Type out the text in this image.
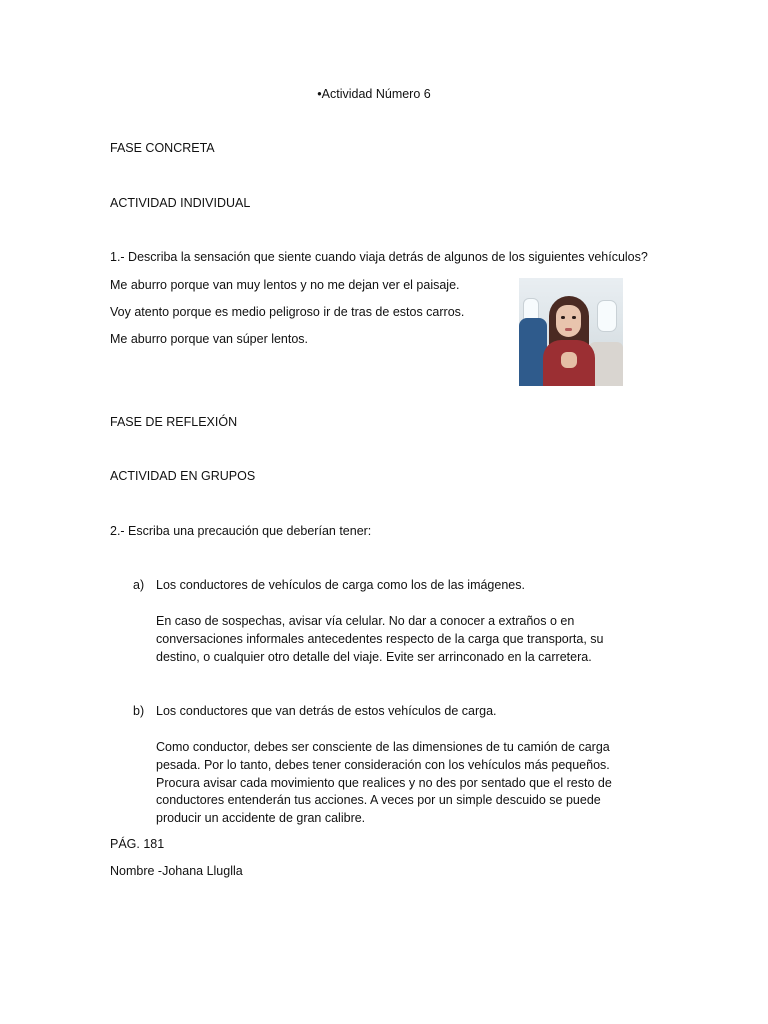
•Actividad Número 6
FASE CONCRETA
ACTIVIDAD INDIVIDUAL
1.- Describa la sensación que siente cuando viaja detrás de algunos de los siguientes vehículos?
Me aburro porque van muy lentos y no me dejan ver el paisaje.
Voy atento porque es medio peligroso ir de tras de estos carros.
Me aburro porque van súper lentos.
FASE DE REFLEXIÓN
ACTIVIDAD EN GRUPOS
2.- Escriba una precaución que deberían tener:
a) Los conductores de vehículos de carga como los de las imágenes.
En caso de sospechas, avisar vía celular. No dar a conocer a extraños o en
conversaciones informales antecedentes respecto de la carga que transporta, su
destino, o cualquier otro detalle del viaje. Evite ser arrinconado en la carretera.
b) Los conductores que van detrás de estos vehículos de carga.
Como conductor, debes ser consciente de las dimensiones de tu camión de carga
pesada. Por lo tanto, debes tener consideración con los vehículos más pequeños.
Procura avisar cada movimiento que realices y no des por sentado que el resto de
conductores entenderán tus acciones. A veces por un simple descuido se puede
producir un accidente de gran calibre.
PÁG. 181
Nombre -Johana Lluglla
